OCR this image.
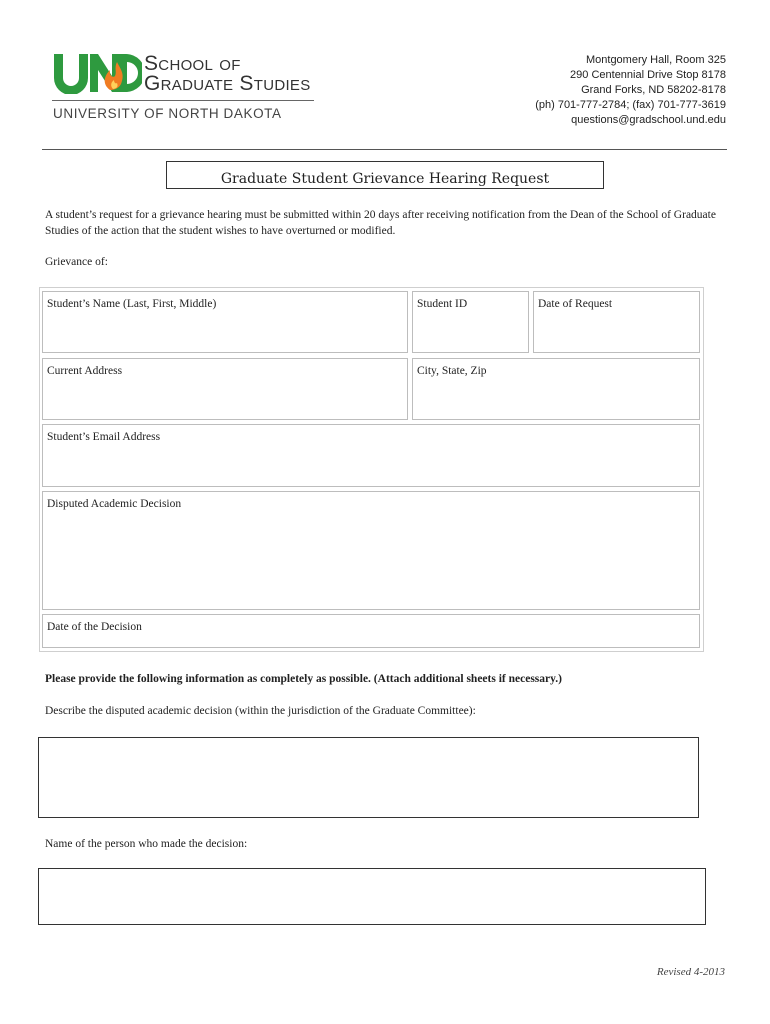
School of
Graduate Studies
UNIVERSITY OF NORTH DAKOTA
Montgomery Hall, Room 325
290 Centennial Drive Stop 8178
Grand Forks, ND 58202-8178
(ph) 701-777-2784; (fax) 701-777-3619
questions@gradschool.und.edu
Graduate Student Grievance Hearing Request
A student’s request for a grievance hearing must be submitted within 20 days after receiving notification from the Dean of the School of Graduate Studies of the action that the student wishes to have overturned or modified.
Grievance of:
Student’s Name (Last, First, Middle)	Student ID	Date of Request
Current Address	City, State, Zip
Student’s Email Address
Disputed Academic Decision
Date of the Decision
Please provide the following information as completely as possible. (Attach additional sheets if necessary.)
Describe the disputed academic decision (within the jurisdiction of the Graduate Committee):
Name of the person who made the decision:
Revised 4-2013
